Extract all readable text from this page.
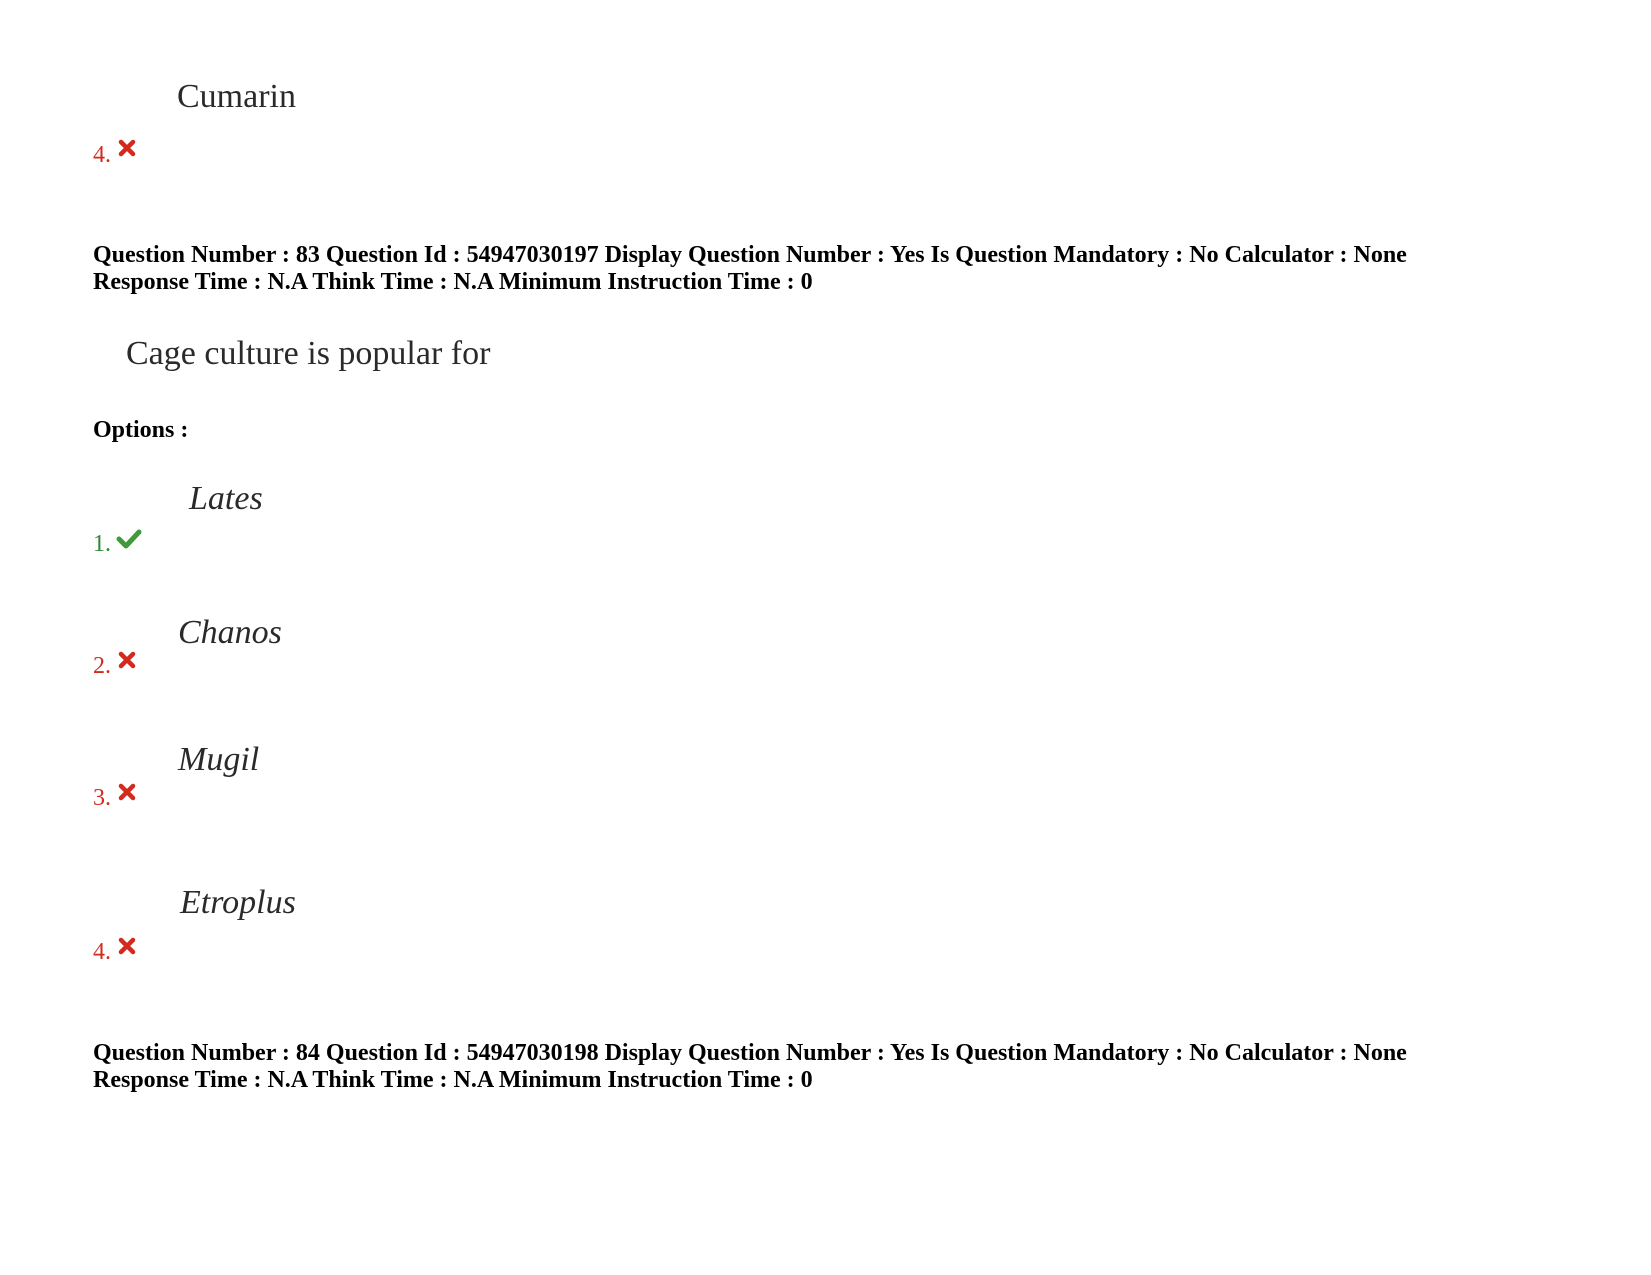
Cumarin
4.
Question Number : 83 Question Id : 54947030197 Display Question Number : Yes Is Question Mandatory : No Calculator : None
Response Time : N.A Think Time : N.A Minimum Instruction Time : 0
Cage culture is popular for
Options :
Lates
1.
Chanos
2.
Mugil
3.
Etroplus
4.
Question Number : 84 Question Id : 54947030198 Display Question Number : Yes Is Question Mandatory : No Calculator : None
Response Time : N.A Think Time : N.A Minimum Instruction Time : 0
